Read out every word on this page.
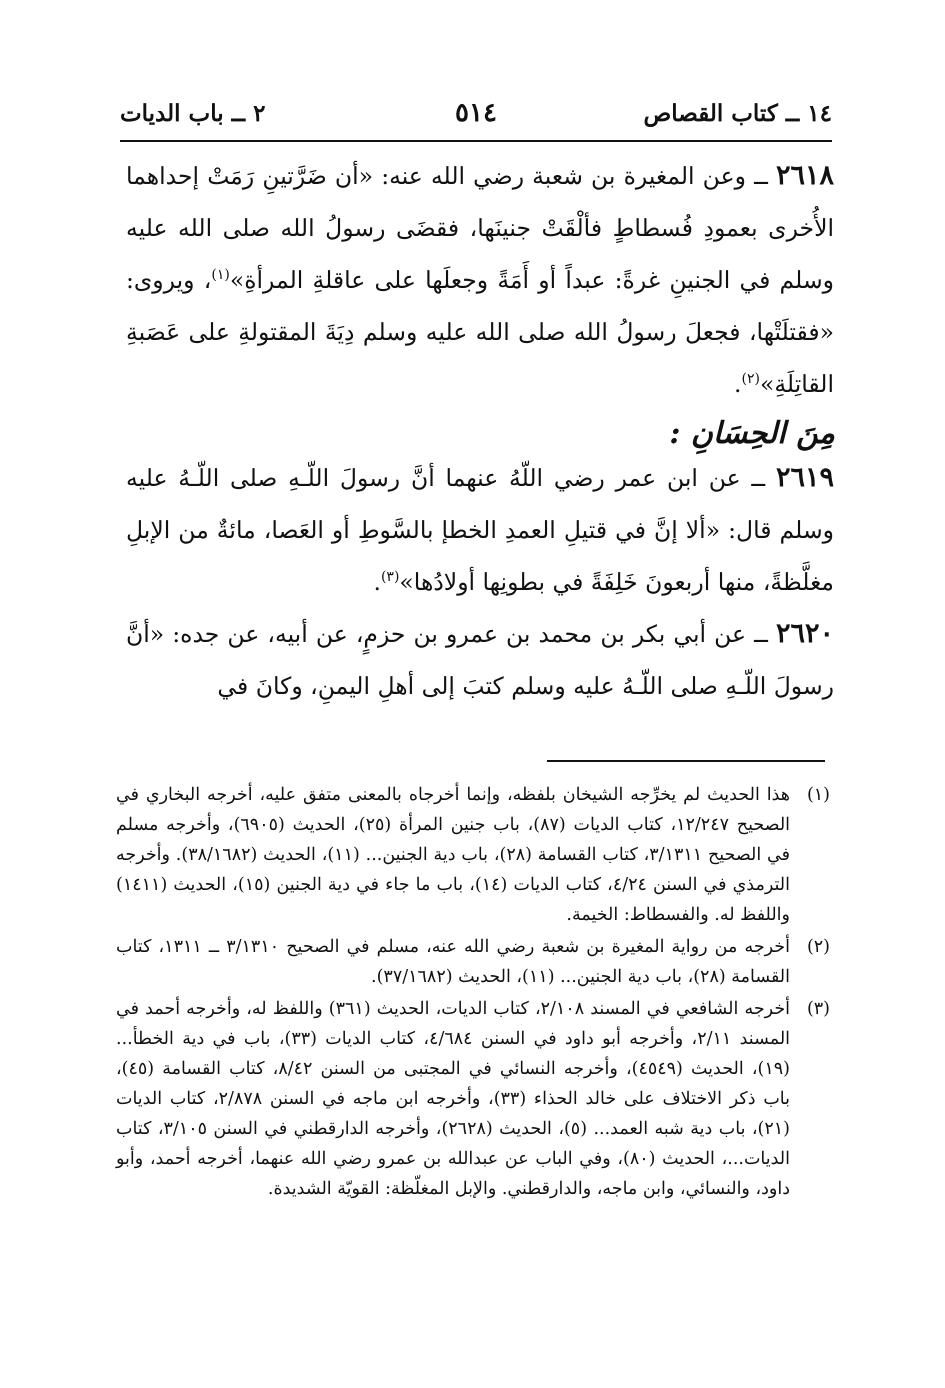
١٤ ــ كتاب القصاص
٥١٤
٢ ــ باب الديات

٢٦١٨ ــ وعن المغيرة بن شعبة رضي الله عنه: «أن ضَرَّتينِ رَمَتْ إحداهما الأُخرى بعمودِ فُسطاطٍ فألْقَتْ جنينَها، فقضَى رسولُ الله صلى الله عليه وسلم في الجنينِ غرةً: عبداً أو أَمَةً وجعلَها على عاقلةِ المرأةِ»$^{(١)}$، ويروى: «فقتلَتْها، فجعلَ رسولُ الله صلى الله عليه وسلم دِيَةَ المقتولةِ على عَصَبةِ القاتِلَةِ»$^{(٢)}$.

مِنَ الحِسَانِ :

٢٦١٩ ــ عن ابن عمر رضي اللّهُ عنهما أنَّ رسولَ اللّـهِ صلى اللّـهُ عليه وسلم قال: «ألا إنَّ في قتيلِ العمدِ الخطإ بالسَّوطِ أو العَصا، مائةٌ من الإبلِ مغلَّظةً، منها أربعونَ خَلِفَةً في بطونِها أولادُها»$^{(٣)}$.

٢٦٢٠ ــ عن أبي بكر بن محمد بن عمرو بن حزمٍ، عن أبيه، عن جده: «أنَّ رسولَ اللّـهِ صلى اللّـهُ عليه وسلم كتبَ إلى أهلِ اليمنِ، وكانَ في

(١)
هذا الحديث لم يخرِّجه الشيخان بلفظه، وإنما أخرجاه بالمعنى متفق عليه، أخرجه البخاري في الصحيح ١٢/٢٤٧، كتاب الديات (٨٧)، باب جنين المرأة (٢٥)، الحديث (٦٩٠٥)، وأخرجه مسلم في الصحيح ٣/١٣١١، كتاب القسامة (٢٨)، باب دية الجنين... (١١)، الحديث (٣٨/١٦٨٢). وأخرجه الترمذي في السنن ٤/٢٤، كتاب الديات (١٤)، باب ما جاء في دية الجنين (١٥)، الحديث (١٤١١) واللفظ له. والفسطاط: الخيمة.

(٢)
أخرجه من رواية المغيرة بن شعبة رضي الله عنه، مسلم في الصحيح ٣/١٣١٠ ــ ١٣١١، كتاب القسامة (٢٨)، باب دية الجنين... (١١)، الحديث (٣٧/١٦٨٢).

(٣)
أخرجه الشافعي في المسند ٢/١٠٨، كتاب الديات، الحديث (٣٦١) واللفظ له، وأخرجه أحمد في المسند ٢/١١، وأخرجه أبو داود في السنن ٤/٦٨٤، كتاب الديات (٣٣)، باب في دية الخطأ... (١٩)، الحديث (٤٥٤٩)، وأخرجه النسائي في المجتبى من السنن ٨/٤٢، كتاب القسامة (٤٥)، باب ذكر الاختلاف على خالد الحذاء (٣٣)، وأخرجه ابن ماجه في السنن ٢/٨٧٨، كتاب الديات (٢١)، باب دية شبه العمد... (٥)، الحديث (٢٦٢٨)، وأخرجه الدارقطني في السنن ٣/١٠٥، كتاب الديات...، الحديث (٨٠)، وفي الباب عن عبدالله بن عمرو رضي الله عنهما، أخرجه أحمد، وأبو داود، والنسائي، وابن ماجه، والدارقطني. والإبل المغلّظة: القويّة الشديدة.
